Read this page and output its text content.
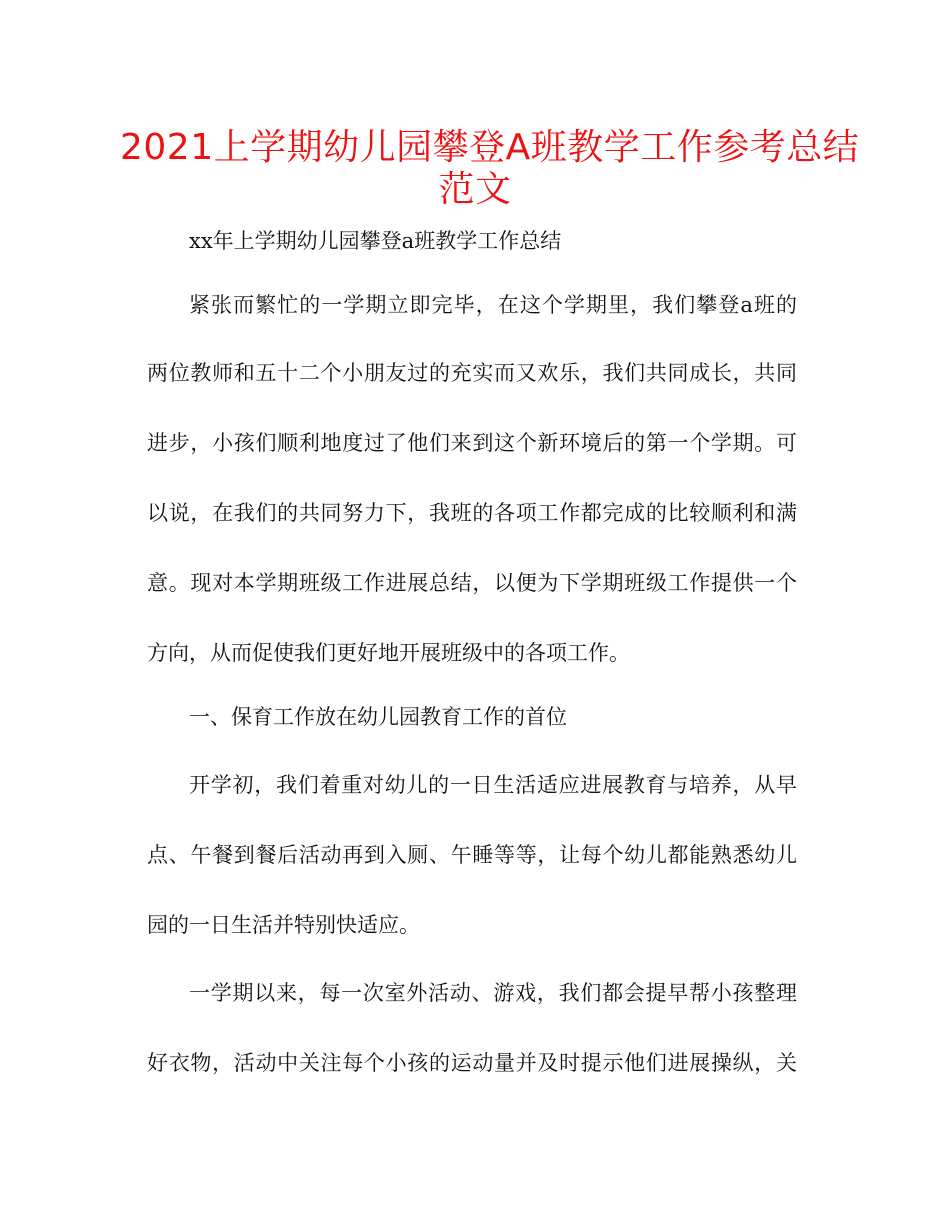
2021上学期幼儿园攀登A班教学工作参考总结
范文

xx年上学期幼儿园攀登a班教学工作总结

紧张而繁忙的一学期立即完毕，在这个学期里，我们攀登a班的

两位教师和五十二个小朋友过的充实而又欢乐，我们共同成长，共同

进步，小孩们顺利地度过了他们来到这个新环境后的第一个学期。可

以说，在我们的共同努力下，我班的各项工作都完成的比较顺利和满

意。现对本学期班级工作进展总结，以便为下学期班级工作提供一个

方向，从而促使我们更好地开展班级中的各项工作。

一、保育工作放在幼儿园教育工作的首位

开学初，我们着重对幼儿的一日生活适应进展教育与培养，从早

点、午餐到餐后活动再到入厕、午睡等等，让每个幼儿都能熟悉幼儿

园的一日生活并特别快适应。

一学期以来，每一次室外活动、游戏，我们都会提早帮小孩整理

好衣物，活动中关注每个小孩的运动量并及时提示他们进展操纵，关
